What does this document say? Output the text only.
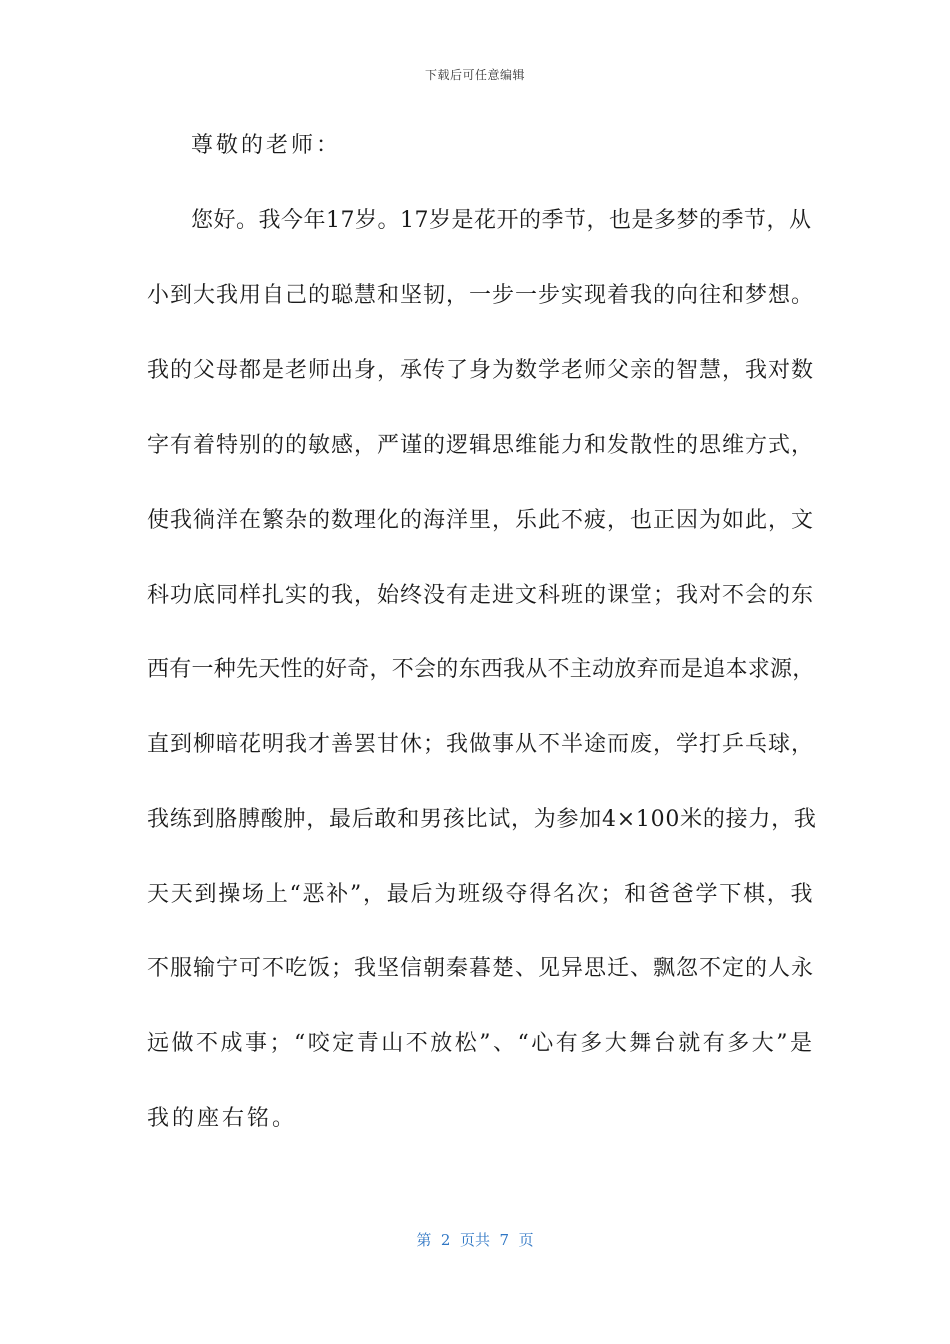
下载后可任意编辑
尊敬的老师：
您好。我今年17岁。17岁是花开的季节，也是多梦的季节，从
小到大我用自己的聪慧和坚韧，一步一步实现着我的向往和梦想。
我的父母都是老师出身，承传了身为数学老师父亲的智慧，我对数
字有着特别的的敏感，严谨的逻辑思维能力和发散性的思维方式，
使我徜洋在繁杂的数理化的海洋里，乐此不疲，也正因为如此，文
科功底同样扎实的我，始终没有走进文科班的课堂；我对不会的东
西有一种先天性的好奇，不会的东西我从不主动放弃而是追本求源，
直到柳暗花明我才善罢甘休；我做事从不半途而废，学打乒乓球，
我练到胳膊酸肿，最后敢和男孩比试，为参加4×100米的接力，我
天天到操场上“恶补”，最后为班级夺得名次；和爸爸学下棋，我
不服输宁可不吃饭；我坚信朝秦暮楚、见异思迁、飘忽不定的人永
远做不成事；“咬定青山不放松”、“心有多大舞台就有多大”是
我的座右铭。
第  2  页共  7  页
